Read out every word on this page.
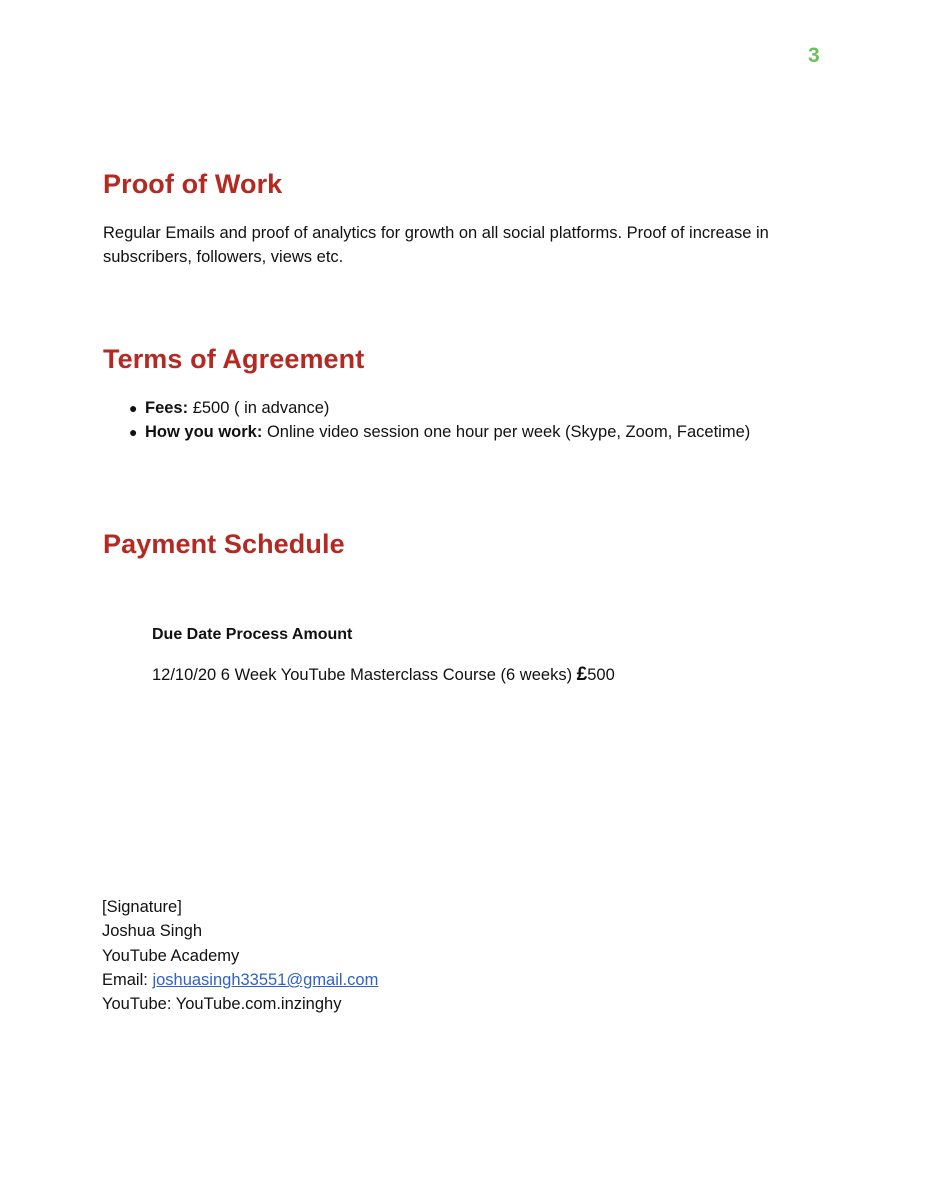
3
Proof of Work

Regular Emails and proof of analytics for growth on all social platforms. Proof of increase in subscribers, followers, views etc.

Terms of Agreement
● Fees: £500 ( in advance)
● How you work: Online video session one hour per week (Skype, Zoom, Facetime)
Payment Schedule
Due Date Process Amount
12/10/20 6 Week YouTube Masterclass Course (6 weeks) £500
[Signature]
Joshua Singh
YouTube Academy
Email: joshuasingh33551@gmail.com
YouTube: YouTube.com.inzinghy
